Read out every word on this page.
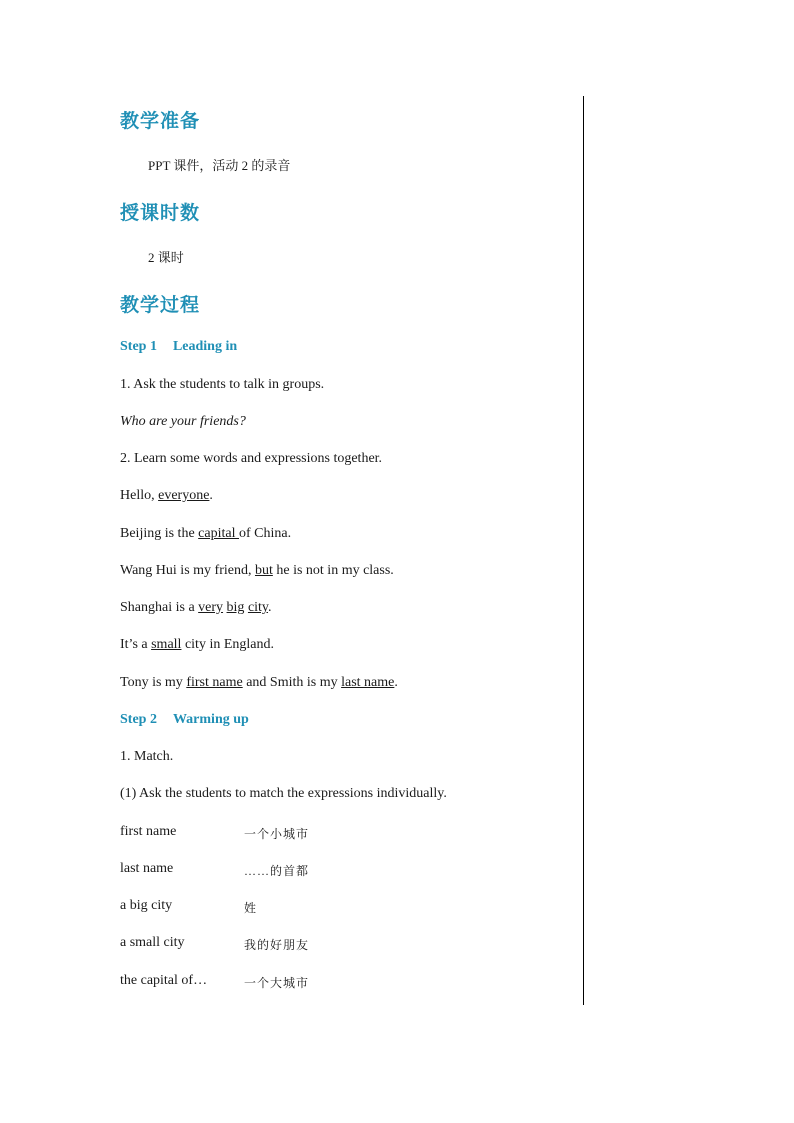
教学准备
PPT 课件，活动 2 的录音
授课时数
2 课时
教学过程
Step 1 Leading in
1. Ask the students to talk in groups.
Who are your friends?
2. Learn some words and expressions together.
Hello, everyone.
Beijing is the capital of China.
Wang Hui is my friend, but he is not in my class.
Shanghai is a very big city.
It’s a small city in England.
Tony is my first name and Smith is my last name.
Step 2 Warming up
1. Match.
(1) Ask the students to match the expressions individually.
first name	一个小城市
last name	……的首都
a big city	姓
a small city	我的好朋友
the capital of…	一个大城市
